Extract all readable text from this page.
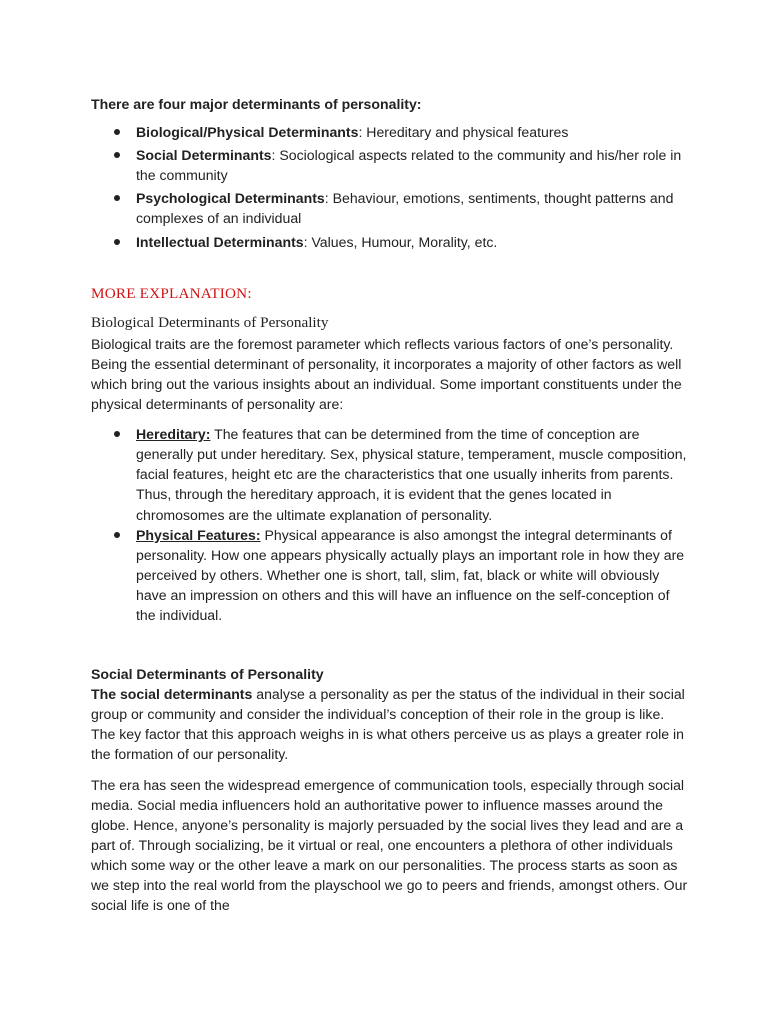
There are four major determinants of personality:

Biological/Physical Determinants: Hereditary and physical features
Social Determinants: Sociological aspects related to the community and his/her role in the community
Psychological Determinants: Behaviour, emotions, sentiments, thought patterns and complexes of an individual
Intellectual Determinants: Values, Humour, Morality, etc.
MORE EXPLANATION:
Biological Determinants of Personality

Biological traits are the foremost parameter which reflects various factors of one’s personality. Being the essential determinant of personality, it incorporates a majority of other factors as well which bring out the various insights about an individual. Some important constituents under the physical determinants of personality are:

Hereditary: The features that can be determined from the time of conception are generally put under hereditary. Sex, physical stature, temperament, muscle composition, facial features, height etc are the characteristics that one usually inherits from parents. Thus, through the hereditary approach, it is evident that the genes located in chromosomes are the ultimate explanation of personality.
Physical Features: Physical appearance is also amongst the integral determinants of personality. How one appears physically actually plays an important role in how they are perceived by others. Whether one is short, tall, slim, fat, black or white will obviously have an impression on others and this will have an influence on the self-conception of the individual.
Social Determinants of Personality

The social determinants analyse a personality as per the status of the individual in their social group or community and consider the individual’s conception of their role in the group is like. The key factor that this approach weighs in is what others perceive us as plays a greater role in the formation of our personality.

The era has seen the widespread emergence of communication tools, especially through social media. Social media influencers hold an authoritative power to influence masses around the globe. Hence, anyone’s personality is majorly persuaded by the social lives they lead and are a part of. Through socializing, be it virtual or real, one encounters a plethora of other individuals which some way or the other leave a mark on our personalities. The process starts as soon as we step into the real world from the playschool we go to peers and friends, amongst others. Our social life is one of the
